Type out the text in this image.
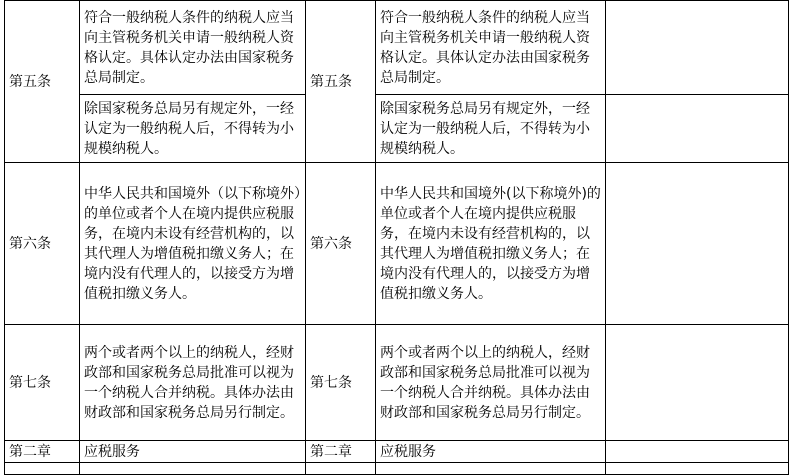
第五条	符合一般纳税人条件的纳税人应当向主管税务机关申请一般纳税人资格认定。具体认定办法由国家税务总局制定。	第五条	符合一般纳税人条件的纳税人应当向主管税务机关申请一般纳税人资格认定。具体认定办法由国家税务总局制定。	
	除国家税务总局另有规定外，一经认定为一般纳税人后，不得转为小规模纳税人。		除国家税务总局另有规定外，一经认定为一般纳税人后，不得转为小规模纳税人。	
第六条	中华人民共和国境外（以下称境外）的单位或者个人在境内提供应税服务，在境内未设有经营机构的，以其代理人为增值税扣缴义务人；在境内没有代理人的，以接受方为增值税扣缴义务人。	第六条	中华人民共和国境外(以下称境外)的单位或者个人在境内提供应税服务，在境内未设有经营机构的，以其代理人为增值税扣缴义务人；在境内没有代理人的，以接受方为增值税扣缴义务人。	
第七条	两个或者两个以上的纳税人，经财政部和国家税务总局批准可以视为一个纳税人合并纳税。具体办法由财政部和国家税务总局另行制定。	第七条	两个或者两个以上的纳税人，经财政部和国家税务总局批准可以视为一个纳税人合并纳税。具体办法由财政部和国家税务总局另行制定。	
第二章	应税服务	第二章	应税服务	
